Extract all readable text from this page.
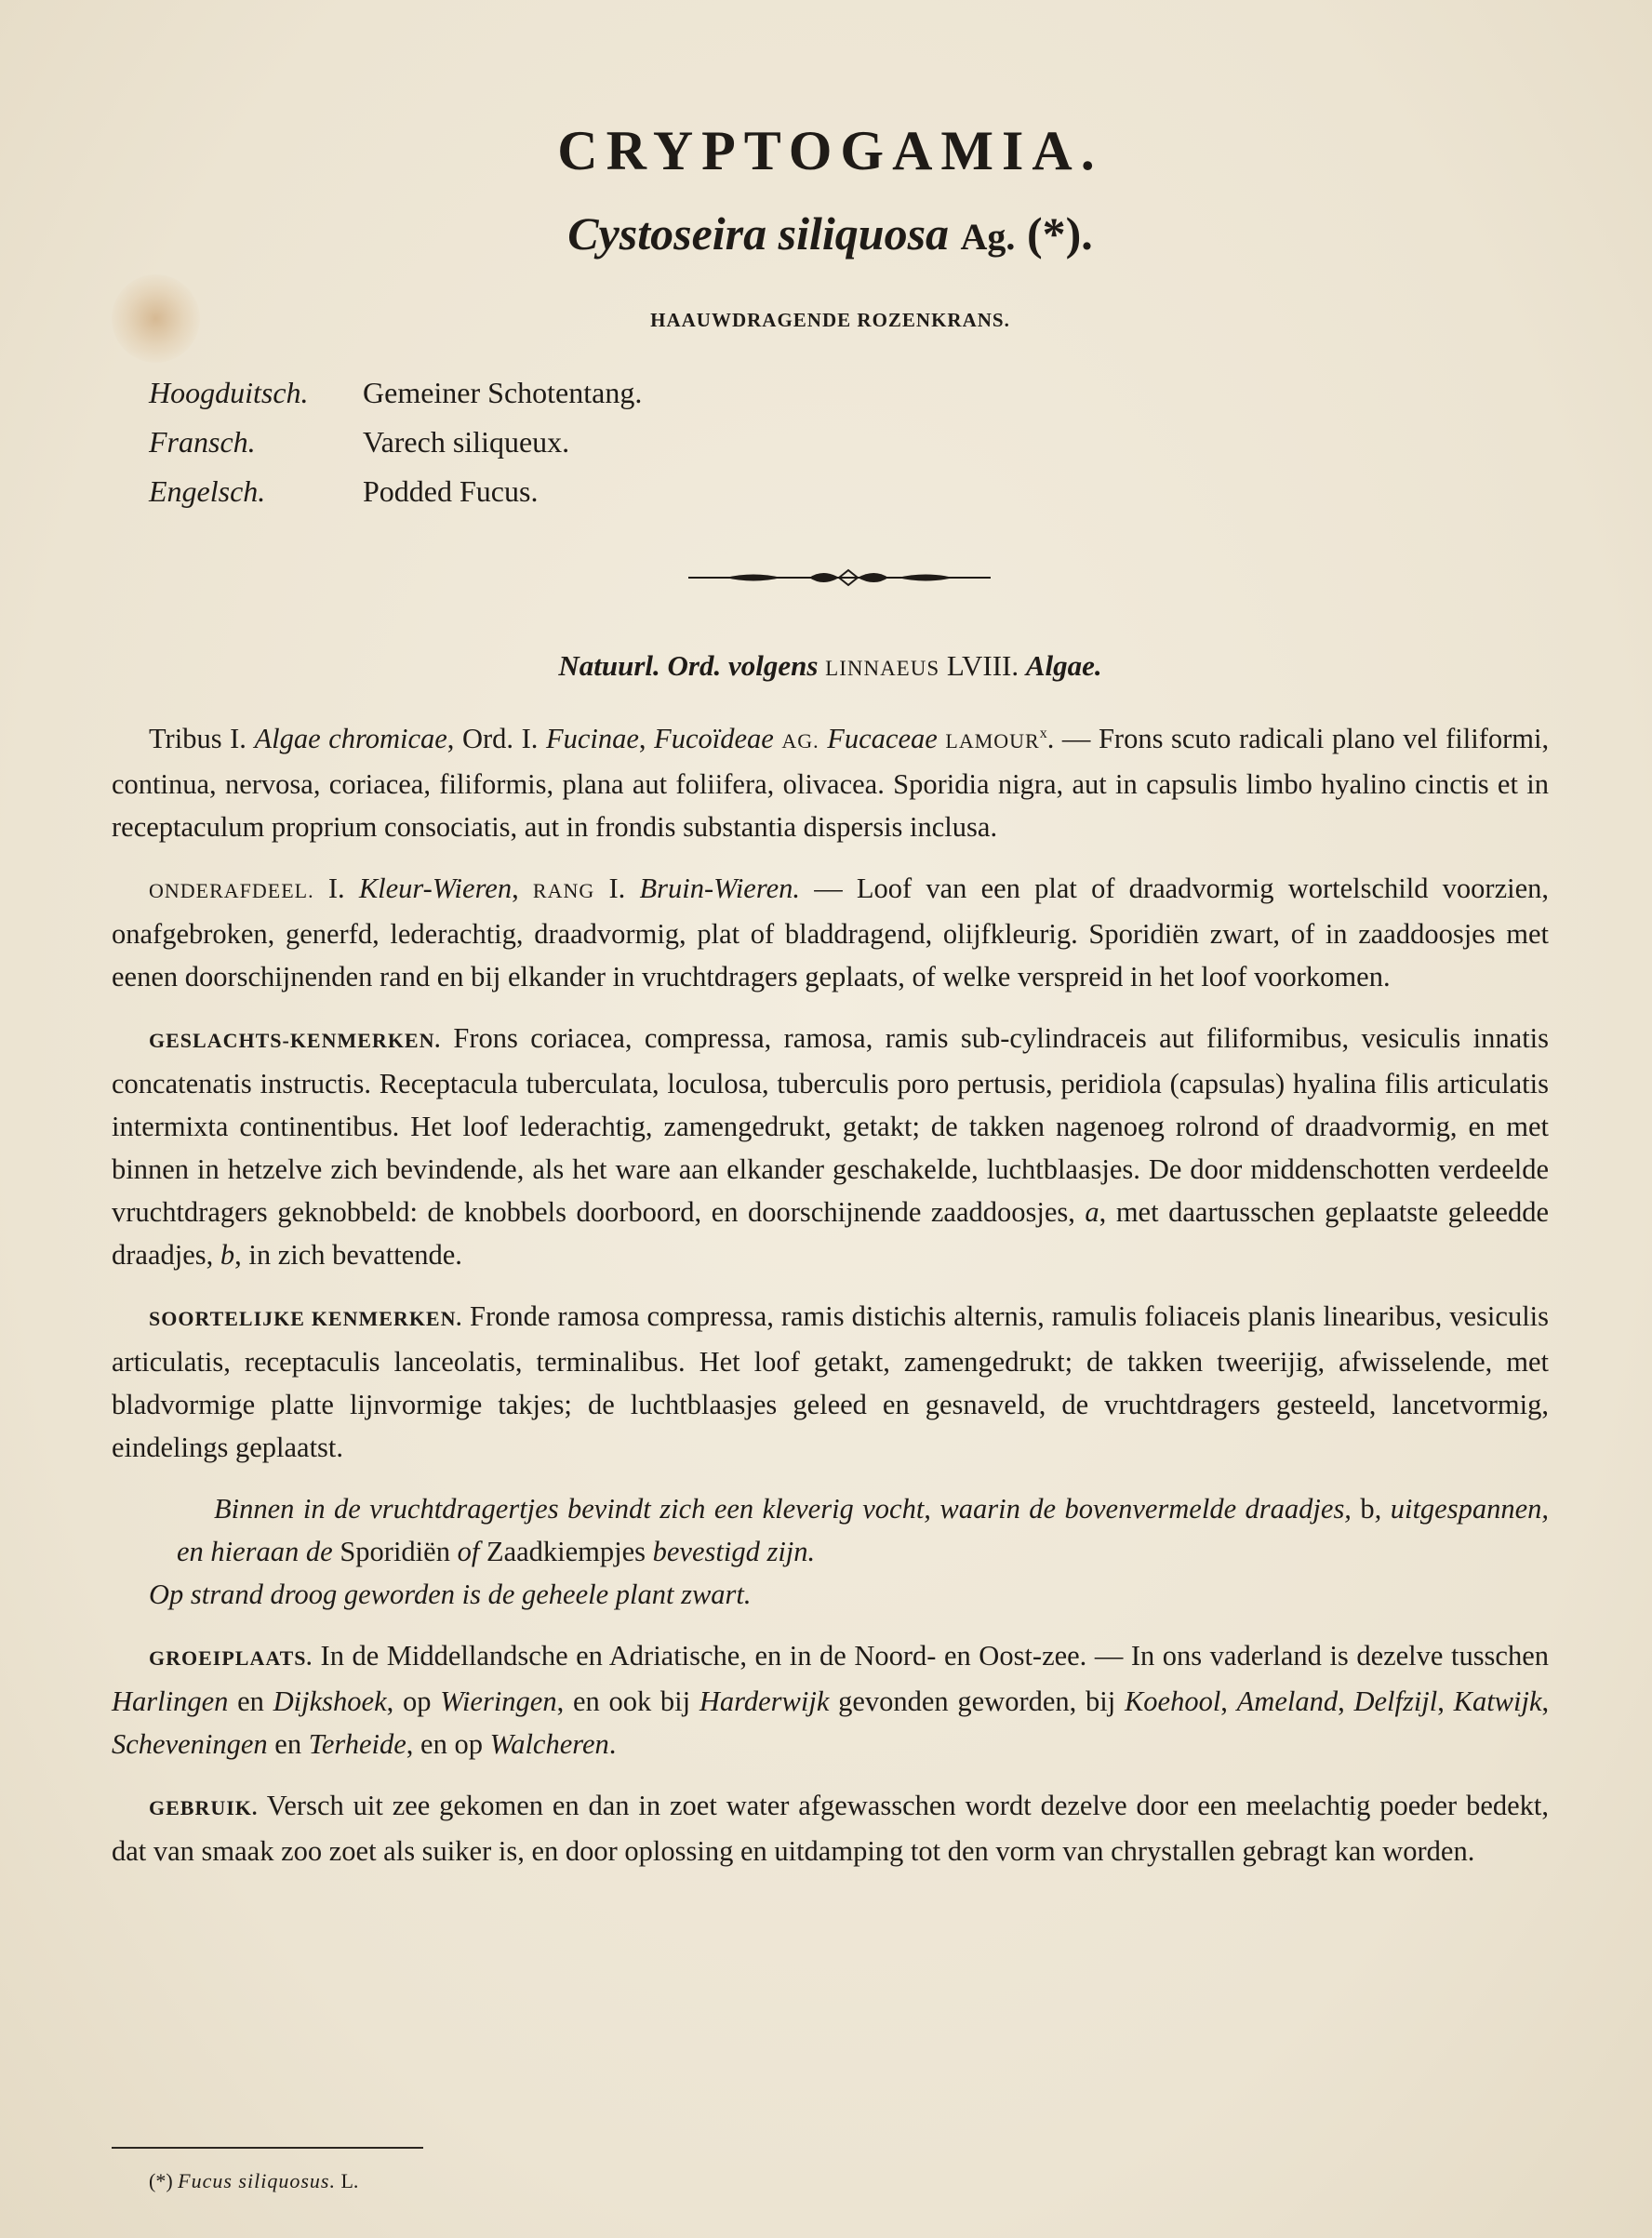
CRYPTOGAMIA.
Cystoseira siliquosa Ag. (*).
HAAUWDRAGENDE ROZENKRANS.
Hoogduitsch.	Gemeiner Schotentang.
Fransch.	Varech siliqueux.
Engelsch.	Podded Fucus.
Natuurl. Ord. volgens LINNAEUS LVIII. Algae.

Tribus I. Algae chromicae, Ord. I. Fucinae, Fucoïdeae AG. Fucaceae LAMOUR$^x$. — Frons scuto radicali plano vel filiformi, continua, nervosa, coriacea, filiformis, plana aut foliifera, olivacea. Sporidia nigra, aut in capsulis limbo hyalino cinctis et in receptaculum proprium consociatis, aut in frondis substantia dispersis inclusa.

ONDERAFDEEL. I. Kleur-Wieren, RANG I. Bruin-Wieren. — Loof van een plat of draadvormig wortelschild voorzien, onafgebroken, generfd, lederachtig, draadvormig, plat of bladdragend, olijfkleurig. Sporidiën zwart, of in zaaddoosjes met eenen doorschijnenden rand en bij elkander in vruchtdragers geplaats, of welke verspreid in het loof voorkomen.

GESLACHTS-KENMERKEN. Frons coriacea, compressa, ramosa, ramis sub-cylindraceis aut filiformibus, vesiculis innatis concatenatis instructis. Receptacula tuberculata, loculosa, tuberculis poro pertusis, peridiola (capsulas) hyalina filis articulatis intermixta continentibus. Het loof lederachtig, zamengedrukt, getakt; de takken nagenoeg rolrond of draadvormig, en met binnen in hetzelve zich bevindende, als het ware aan elkander geschakelde, luchtblaasjes. De door middenschotten verdeelde vruchtdragers geknobbeld: de knobbels doorboord, en doorschijnende zaaddoosjes, a, met daartusschen geplaatste geleedde draadjes, b, in zich bevattende.

SOORTELIJKE KENMERKEN. Fronde ramosa compressa, ramis distichis alternis, ramulis foliaceis planis linearibus, vesiculis articulatis, receptaculis lanceolatis, terminalibus. Het loof getakt, zamengedrukt; de takken tweerijig, afwisselende, met bladvormige platte lijnvormige takjes; de luchtblaasjes geleed en gesnaveld, de vruchtdragers gesteeld, lancetvormig, eindelings geplaatst.

Binnen in de vruchtdragertjes bevindt zich een kleverig vocht, waarin de bovenvermelde draadjes, b, uitgespannen, en hieraan de Sporidiën of Zaadkiempjes bevestigd zijn.

Op strand droog geworden is de geheele plant zwart.

GROEIPLAATS. In de Middellandsche en Adriatische, en in de Noord- en Oost-zee. — In ons vaderland is dezelve tusschen Harlingen en Dijkshoek, op Wieringen, en ook bij Harderwijk gevonden geworden, bij Koehool, Ameland, Delfzijl, Katwijk, Scheveningen en Terheide, en op Walcheren.

GEBRUIK. Versch uit zee gekomen en dan in zoet water afgewasschen wordt dezelve door een meelachtig poeder bedekt, dat van smaak zoo zoet als suiker is, en door oplossing en uitdamping tot den vorm van chrystallen gebragt kan worden.

(*) Fucus siliquosus. L.
